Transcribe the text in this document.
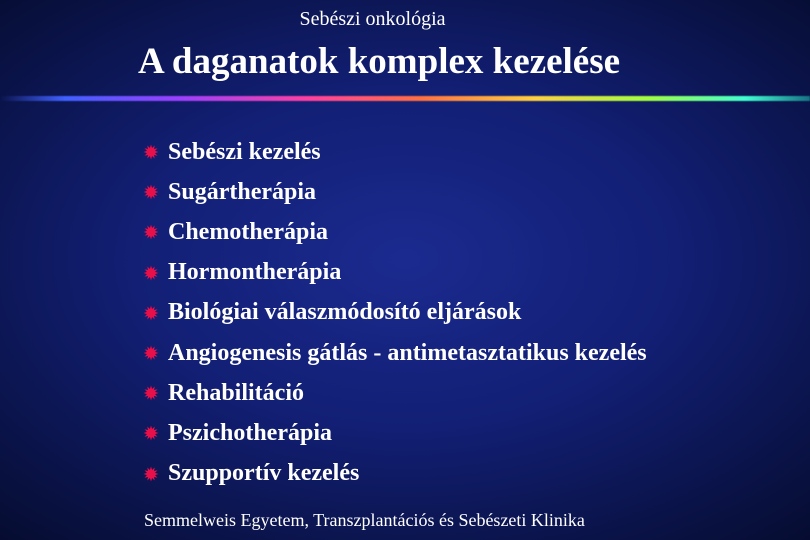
Sebészi onkológia
A daganatok komplex kezelése
Sebészi kezelés
Sugártherápia
Chemotherápia
Hormontherápia
Biológiai válaszmódosító eljárások
Angiogenesis gátlás - antimetasztatikus kezelés
Rehabilitáció
Pszichotherápia
Szupportív kezelés
Semmelweis Egyetem, Transzplantációs és Sebészeti Klinika
